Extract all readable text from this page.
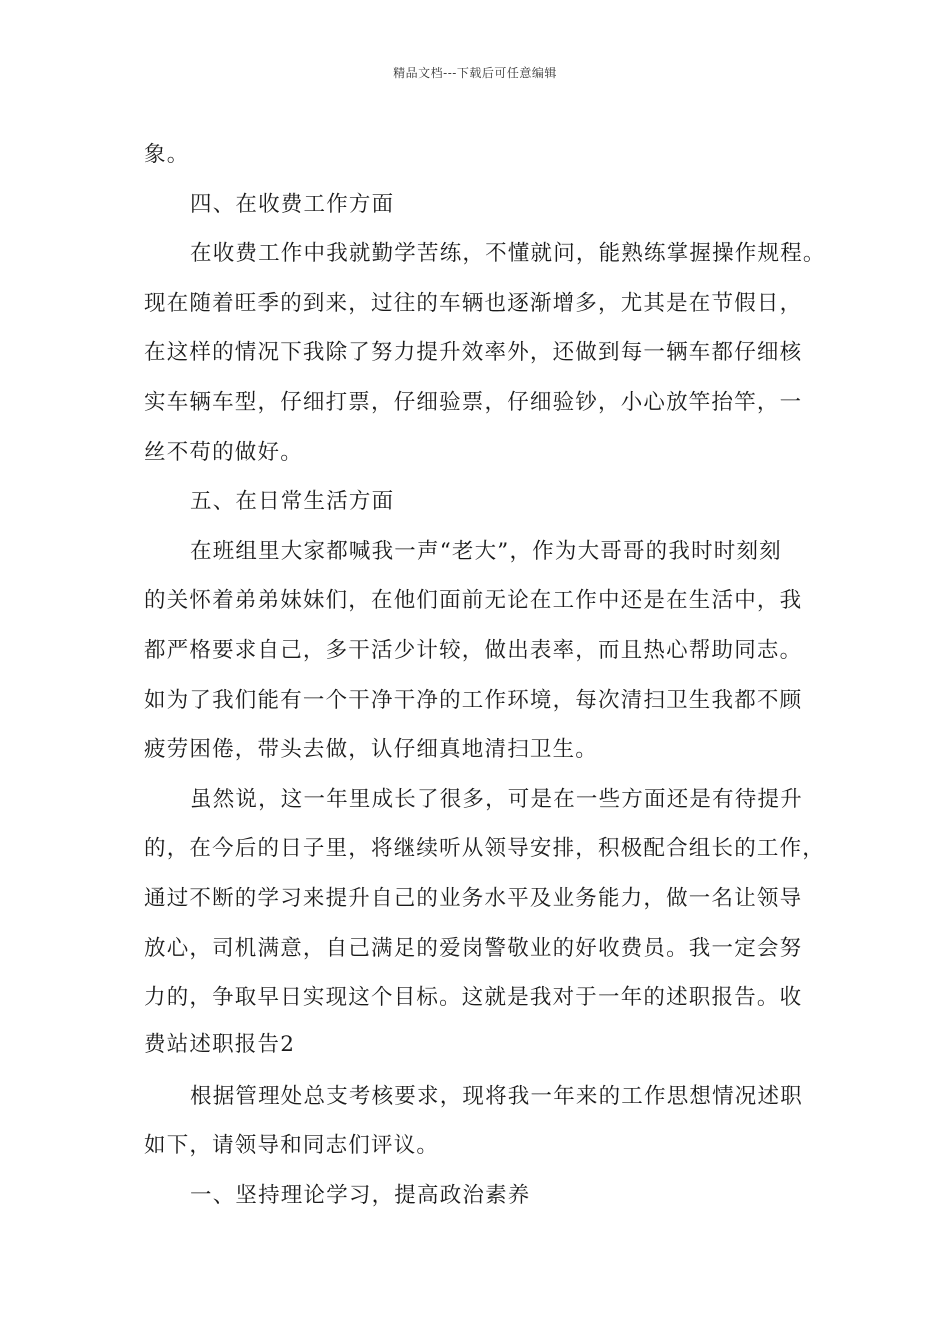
精品文档---下载后可任意编辑
象。
四、在收费工作方面
在收费工作中我就勤学苦练，不懂就问，能熟练掌握操作规程。
现在随着旺季的到来，过往的车辆也逐渐增多，尤其是在节假日，
在这样的情况下我除了努力提升效率外，还做到每一辆车都仔细核
实车辆车型，仔细打票，仔细验票，仔细验钞，小心放竿抬竿，一
丝不苟的做好。
五、在日常生活方面
在班组里大家都喊我一声“老大”，作为大哥哥的我时时刻刻
的关怀着弟弟妹妹们，在他们面前无论在工作中还是在生活中，我
都严格要求自己，多干活少计较，做出表率，而且热心帮助同志。
如为了我们能有一个干净干净的工作环境，每次清扫卫生我都不顾
疲劳困倦，带头去做，认仔细真地清扫卫生。
虽然说，这一年里成长了很多，可是在一些方面还是有待提升
的，在今后的日子里，将继续听从领导安排，积极配合组长的工作，
通过不断的学习来提升自己的业务水平及业务能力，做一名让领导
放心，司机满意，自己满足的爱岗警敬业的好收费员。我一定会努
力的，争取早日实现这个目标。这就是我对于一年的述职报告。收
费站述职报告2
根据管理处总支考核要求，现将我一年来的工作思想情况述职
如下，请领导和同志们评议。
一、坚持理论学习，提高政治素养
